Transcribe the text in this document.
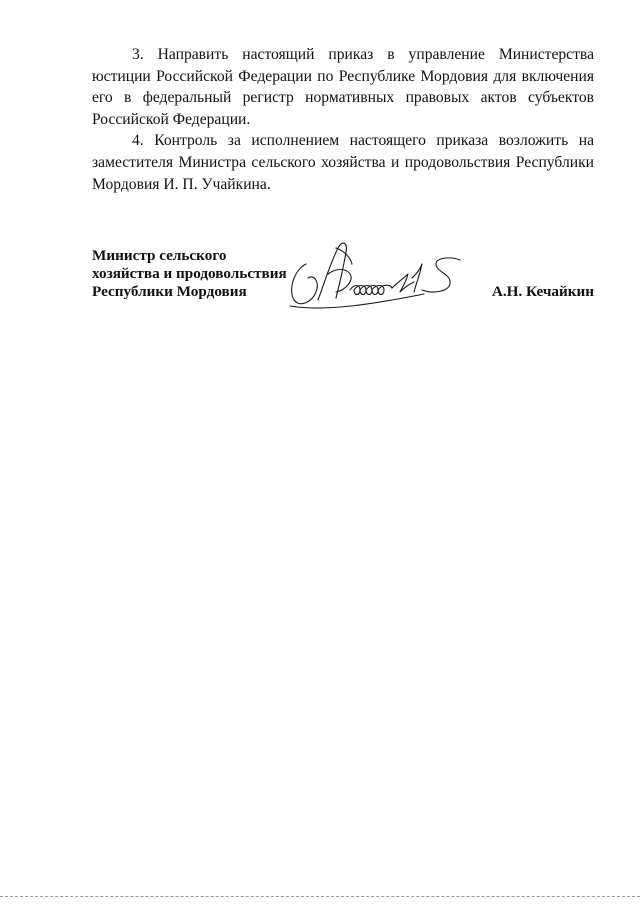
3. Направить настоящий приказ в управление Министерства юстиции Российской Федерации по Республике Мордовия для включения его в федеральный регистр нормативных правовых актов субъектов Российской Федерации.

4. Контроль за исполнением настоящего приказа возложить на заместителя Министра сельского хозяйства и продовольствия Республики Мордовия И. П. Учайкина.

Министр сельского
хозяйства и продовольствия
Республики Мордовия	А.Н. Кечайкин
